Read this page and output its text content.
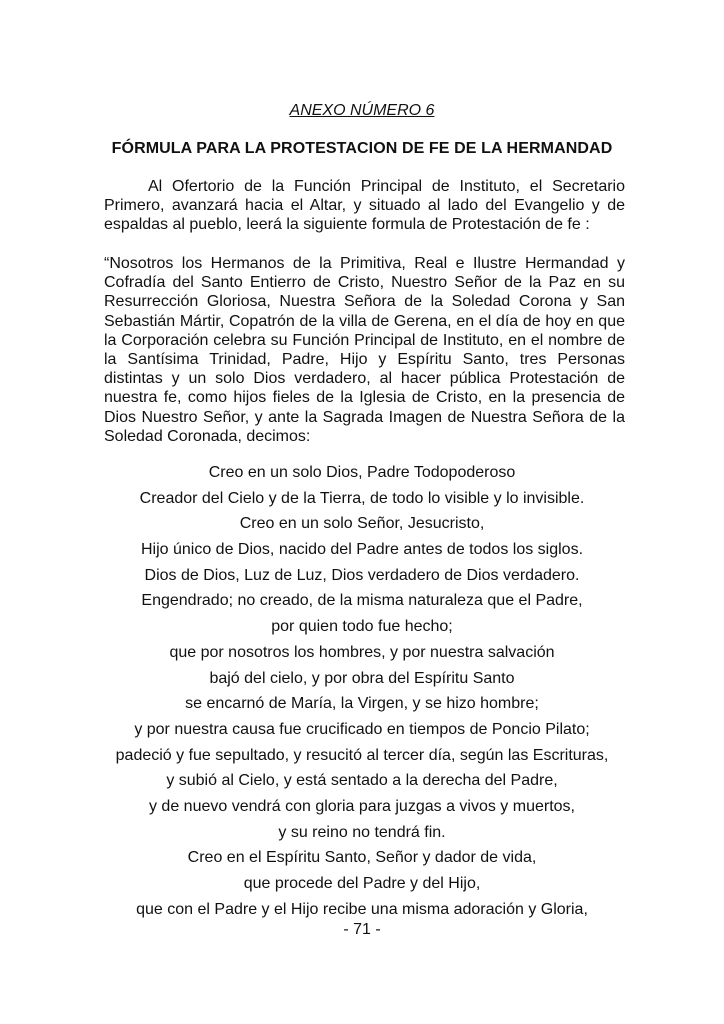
ANEXO NÚMERO 6
FÓRMULA PARA LA PROTESTACION DE FE DE LA HERMANDAD

Al Ofertorio de la Función Principal de Instituto, el Secretario Primero, avanzará hacia el Altar, y situado al lado del Evangelio y de espaldas al pueblo, leerá la siguiente formula de Protestación de fe :

“Nosotros los Hermanos de la Primitiva, Real e Ilustre Hermandad y Cofradía del Santo Entierro de Cristo, Nuestro Señor de la Paz en su Resurrección Gloriosa, Nuestra Señora de la Soledad Corona y San Sebastián Mártir, Copatrón de la villa de Gerena, en el día de hoy en que la Corporación celebra su Función Principal de Instituto, en el nombre de la Santísima Trinidad, Padre, Hijo y Espíritu Santo, tres Personas distintas y un solo Dios verdadero, al hacer pública Protestación de nuestra fe, como hijos fieles de la Iglesia de Cristo, en la presencia de Dios Nuestro Señor, y ante la Sagrada Imagen de Nuestra Señora de la Soledad Coronada, decimos:

Creo en un solo Dios, Padre Todopoderoso
Creador del Cielo y de la Tierra, de todo lo visible y lo invisible.
Creo en un solo Señor, Jesucristo,
Hijo único de Dios, nacido del Padre antes de todos los siglos.
Dios de Dios, Luz de Luz, Dios verdadero de Dios verdadero.
Engendrado; no creado, de la misma naturaleza que el Padre,
por quien todo fue hecho;
que por nosotros los hombres, y por nuestra salvación
bajó del cielo, y por obra del Espíritu Santo
se encarnó de María, la Virgen, y se hizo hombre;
y por nuestra causa fue crucificado en tiempos de Poncio Pilato;
padeció y fue sepultado, y resucitó al tercer día, según las Escrituras,
y subió al Cielo, y está sentado a la derecha del Padre,
y de nuevo vendrá con gloria para juzgas a vivos y muertos,
y su reino no tendrá fin.
Creo en el Espíritu Santo, Señor y dador de vida,
que procede del Padre y del Hijo,
que con el Padre y el Hijo recibe una misma adoración y Gloria,
- 71 -
